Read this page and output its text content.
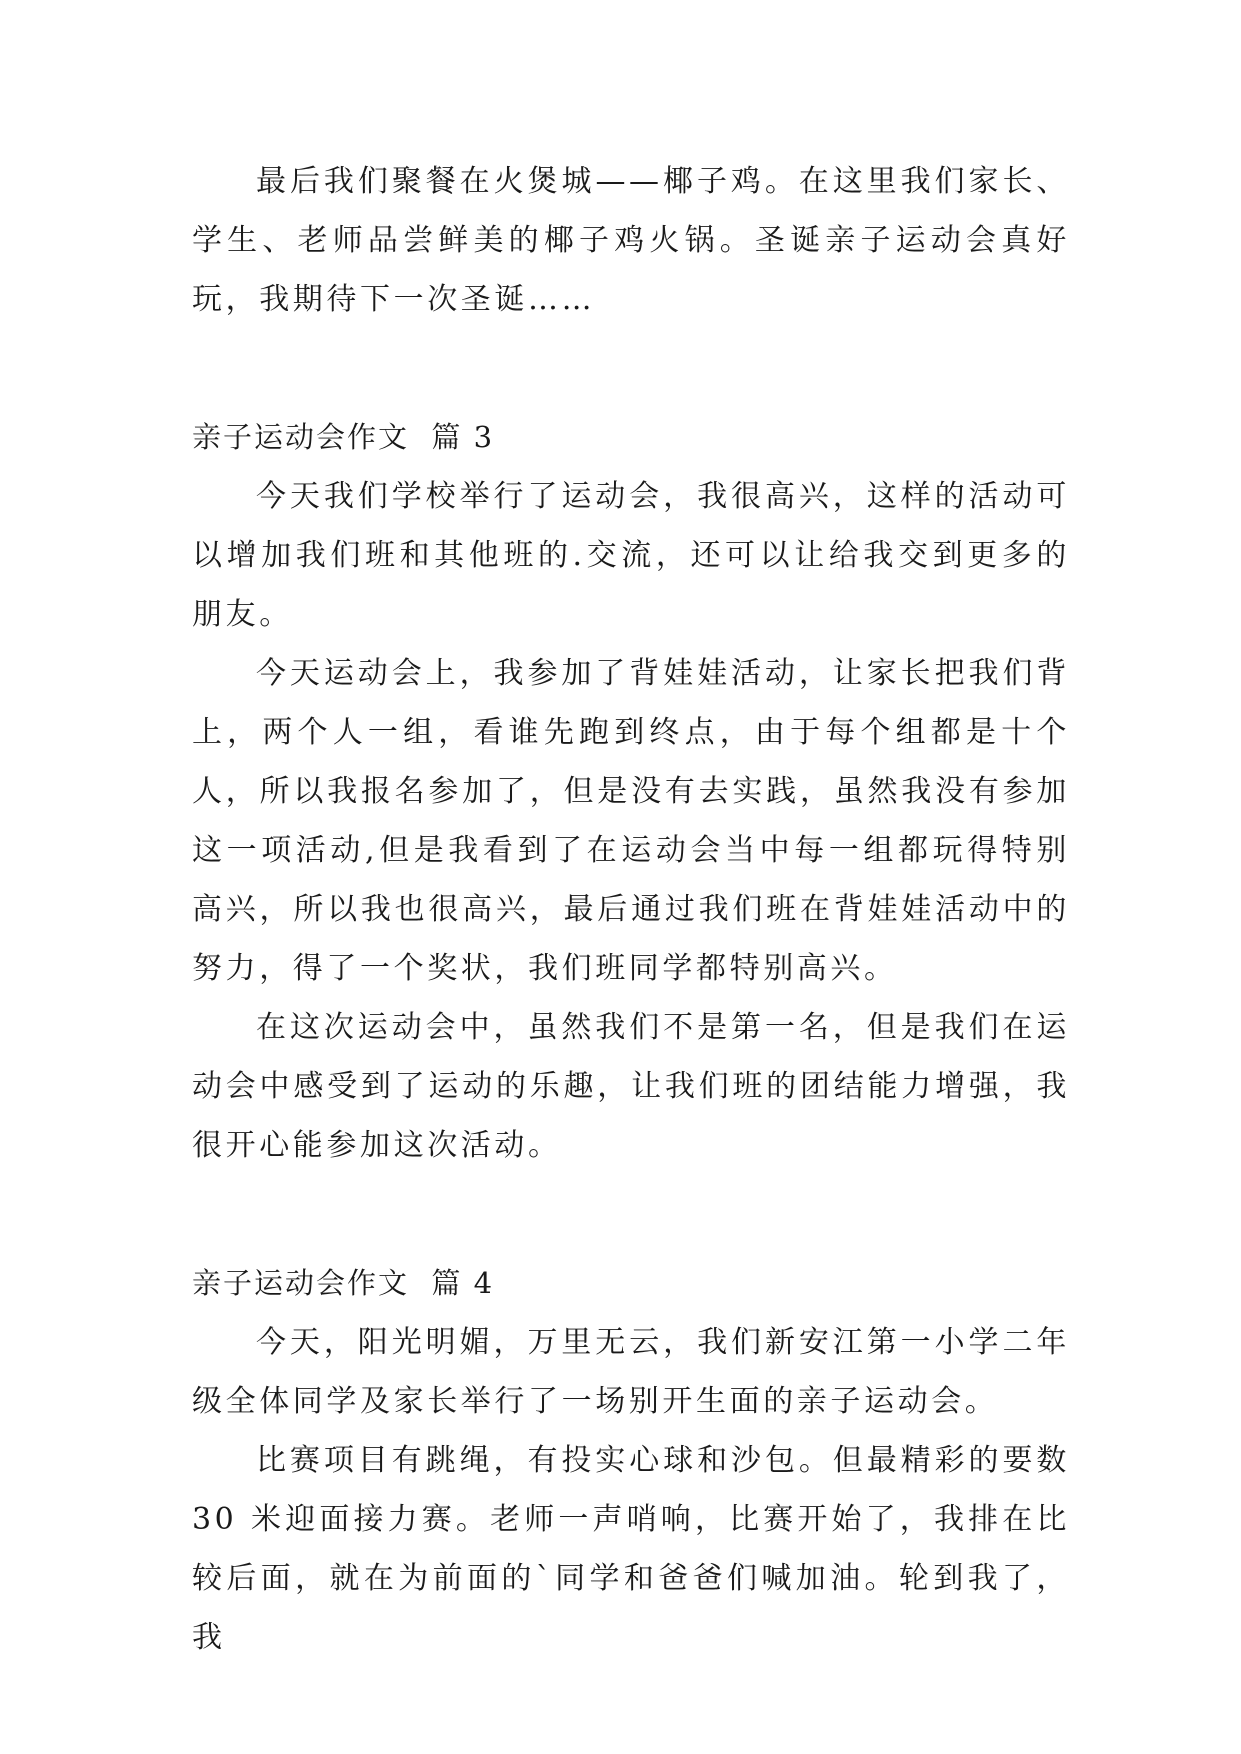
最后我们聚餐在火煲城——椰子鸡。在这里我们家长、学生、老师品尝鲜美的椰子鸡火锅。圣诞亲子运动会真好玩，我期待下一次圣诞……

亲子运动会作文  篇 3

今天我们学校举行了运动会，我很高兴，这样的活动可以增加我们班和其他班的.交流，还可以让给我交到更多的朋友。

今天运动会上，我参加了背娃娃活动，让家长把我们背上，两个人一组，看谁先跑到终点，由于每个组都是十个人，所以我报名参加了，但是没有去实践，虽然我没有参加这一项活动,但是我看到了在运动会当中每一组都玩得特别高兴，所以我也很高兴，最后通过我们班在背娃娃活动中的努力，得了一个奖状，我们班同学都特别高兴。

在这次运动会中，虽然我们不是第一名，但是我们在运动会中感受到了运动的乐趣，让我们班的团结能力增强，我很开心能参加这次活动。

亲子运动会作文  篇 4

今天，阳光明媚，万里无云，我们新安江第一小学二年级全体同学及家长举行了一场别开生面的亲子运动会。

比赛项目有跳绳，有投实心球和沙包。但最精彩的要数 30 米迎面接力赛。老师一声哨响，比赛开始了，我排在比较后面，就在为前面的`同学和爸爸们喊加油。轮到我了，我
